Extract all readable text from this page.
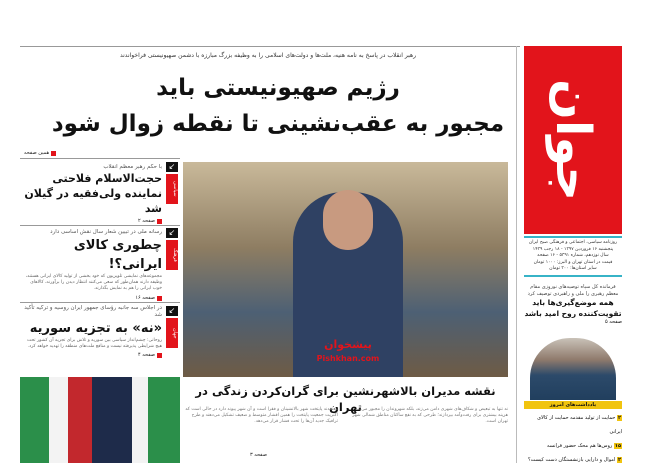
رهبر انقلاب در پاسخ به نامه هنیه، ملت‌ها و دولت‌های اسلامی را به وظیفه بزرگ مبارزه با دشمن صهیونیستی فراخواندند
رژیم صهیونیستی باید
مجبور به عقب‌نشینی تا نقطه زوال شود
همین صفحه
↙
سیاسی
با حکم رهبر معظم انقلاب
حجت‌الاسلام فلاحتی
نماینده ولی‌فقیه در گیلان شد
صفحه ۲
↙
فرهنگ
رسانه ملی در تبیین شعار سال نقش اساسی دارد
چطوری کالای ایرانی؟!
مجموعه‌های نمایشی تلویزیون که خود بخشی از تولید کالای ایرانی هستند، وظیفه دارند همان‌طور که سعی می‌کنند انتظار دیدن را برآورند، کالاهای خوب ایرانی را هم به نمایش بگذارند.
صفحه ۱۶
↙
جهان
در اجلاس سه جانبه رؤسای جمهور ایران روسیه و ترکیه تأکید شد
«نه» به تجزیه سوریه
روحانی: چشم‌انداز سیاسی بین سوریه و تلاش برای تجزیه آن کشور تحت هیچ شرایطی پذیرفته نیست و منافع ملت‌های منطقه را تهدید خواهد کرد.
صفحه ۴
پیشخوان
Pishkhan.com
نقشه مدیران بالاشهرنشین برای گران‌کردن زندگی در تهران
معتقدند پایتخت شهر بالانشینان و فقرا است و آن شهر پیوند دارد در حالی است که اکثریت جمعیت پایتخت را همین اقشار متوسط و ضعیف تشکیل می‌دهند و طرح ترافیک جدید آن‌ها را تحت فشار قرار می‌دهد.
صفحه ۳
نه تنها به تبعیض و شکاف‌های شهری دامن می‌زند، بلکه شهروندان را مجبور می‌کند هزینه بیشتری برای رفت‌وآمد بپردازند؛ طرحی که به نفع ساکنان مناطق شمالی شهر تهران است.
جوان
روزنامه سیاسی، اجتماعی و فرهنگی صبح ایران
پنجشنبه ۱۶ فروردین ۱۳۹۷ - ۱۸ رجب ۱۴۳۹
سال نوزدهم، شماره ۵۳۹۱ - ۱۶ صفحه
قیمت در استان تهران و البرز: ۱۰۰۰ تومان
سایر استان‌ها: ۳۰۰ تومان
فرمانده کل سپاه توصیه‌های نوروزی مقام معظم رهبری را ملی و راهبردی توصیف کرد
همه موضع‌گیری‌ها باید
تقویت‌کننده روح امید باشد
صفحه ۵
یادداشت‌های امروز
۲ حمایت از تولید مقدمه حمایت از کالای ایرانی
۱۵ روس‌ها هم محک حضور فرانسه
۲ اموال و دارایی بازنشستگان دست کیست؟
